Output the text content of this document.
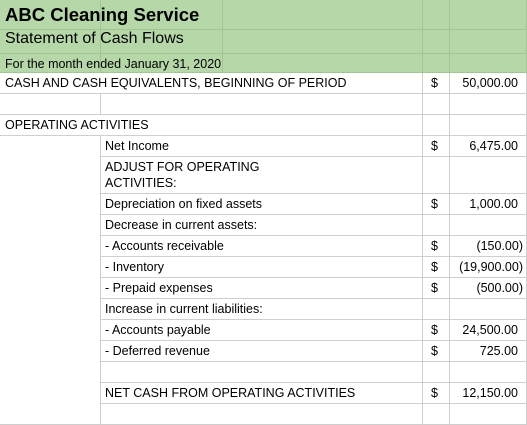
ABC Cleaning Service
Statement of Cash Flows
For the month ended January 31, 2020
CASH AND CASH EQUIVALENTS, BEGINNING OF PERIOD	$ 50,000.00
OPERATING ACTIVITIES
Net Income	$	6,475.00
ADJUST FOR OPERATING
ACTIVITIES:
Depreciation on fixed assets	$	1,000.00
Decrease in current assets:
- Accounts receivable	$	(150.00)
- Inventory	$ (19,900.00)
- Prepaid expenses	$	(500.00)
Increase in current liabilities:
- Accounts payable	$ 24,500.00
- Deferred revenue	$	725.00
NET CASH FROM OPERATING ACTIVITIES	$ 12,150.00
